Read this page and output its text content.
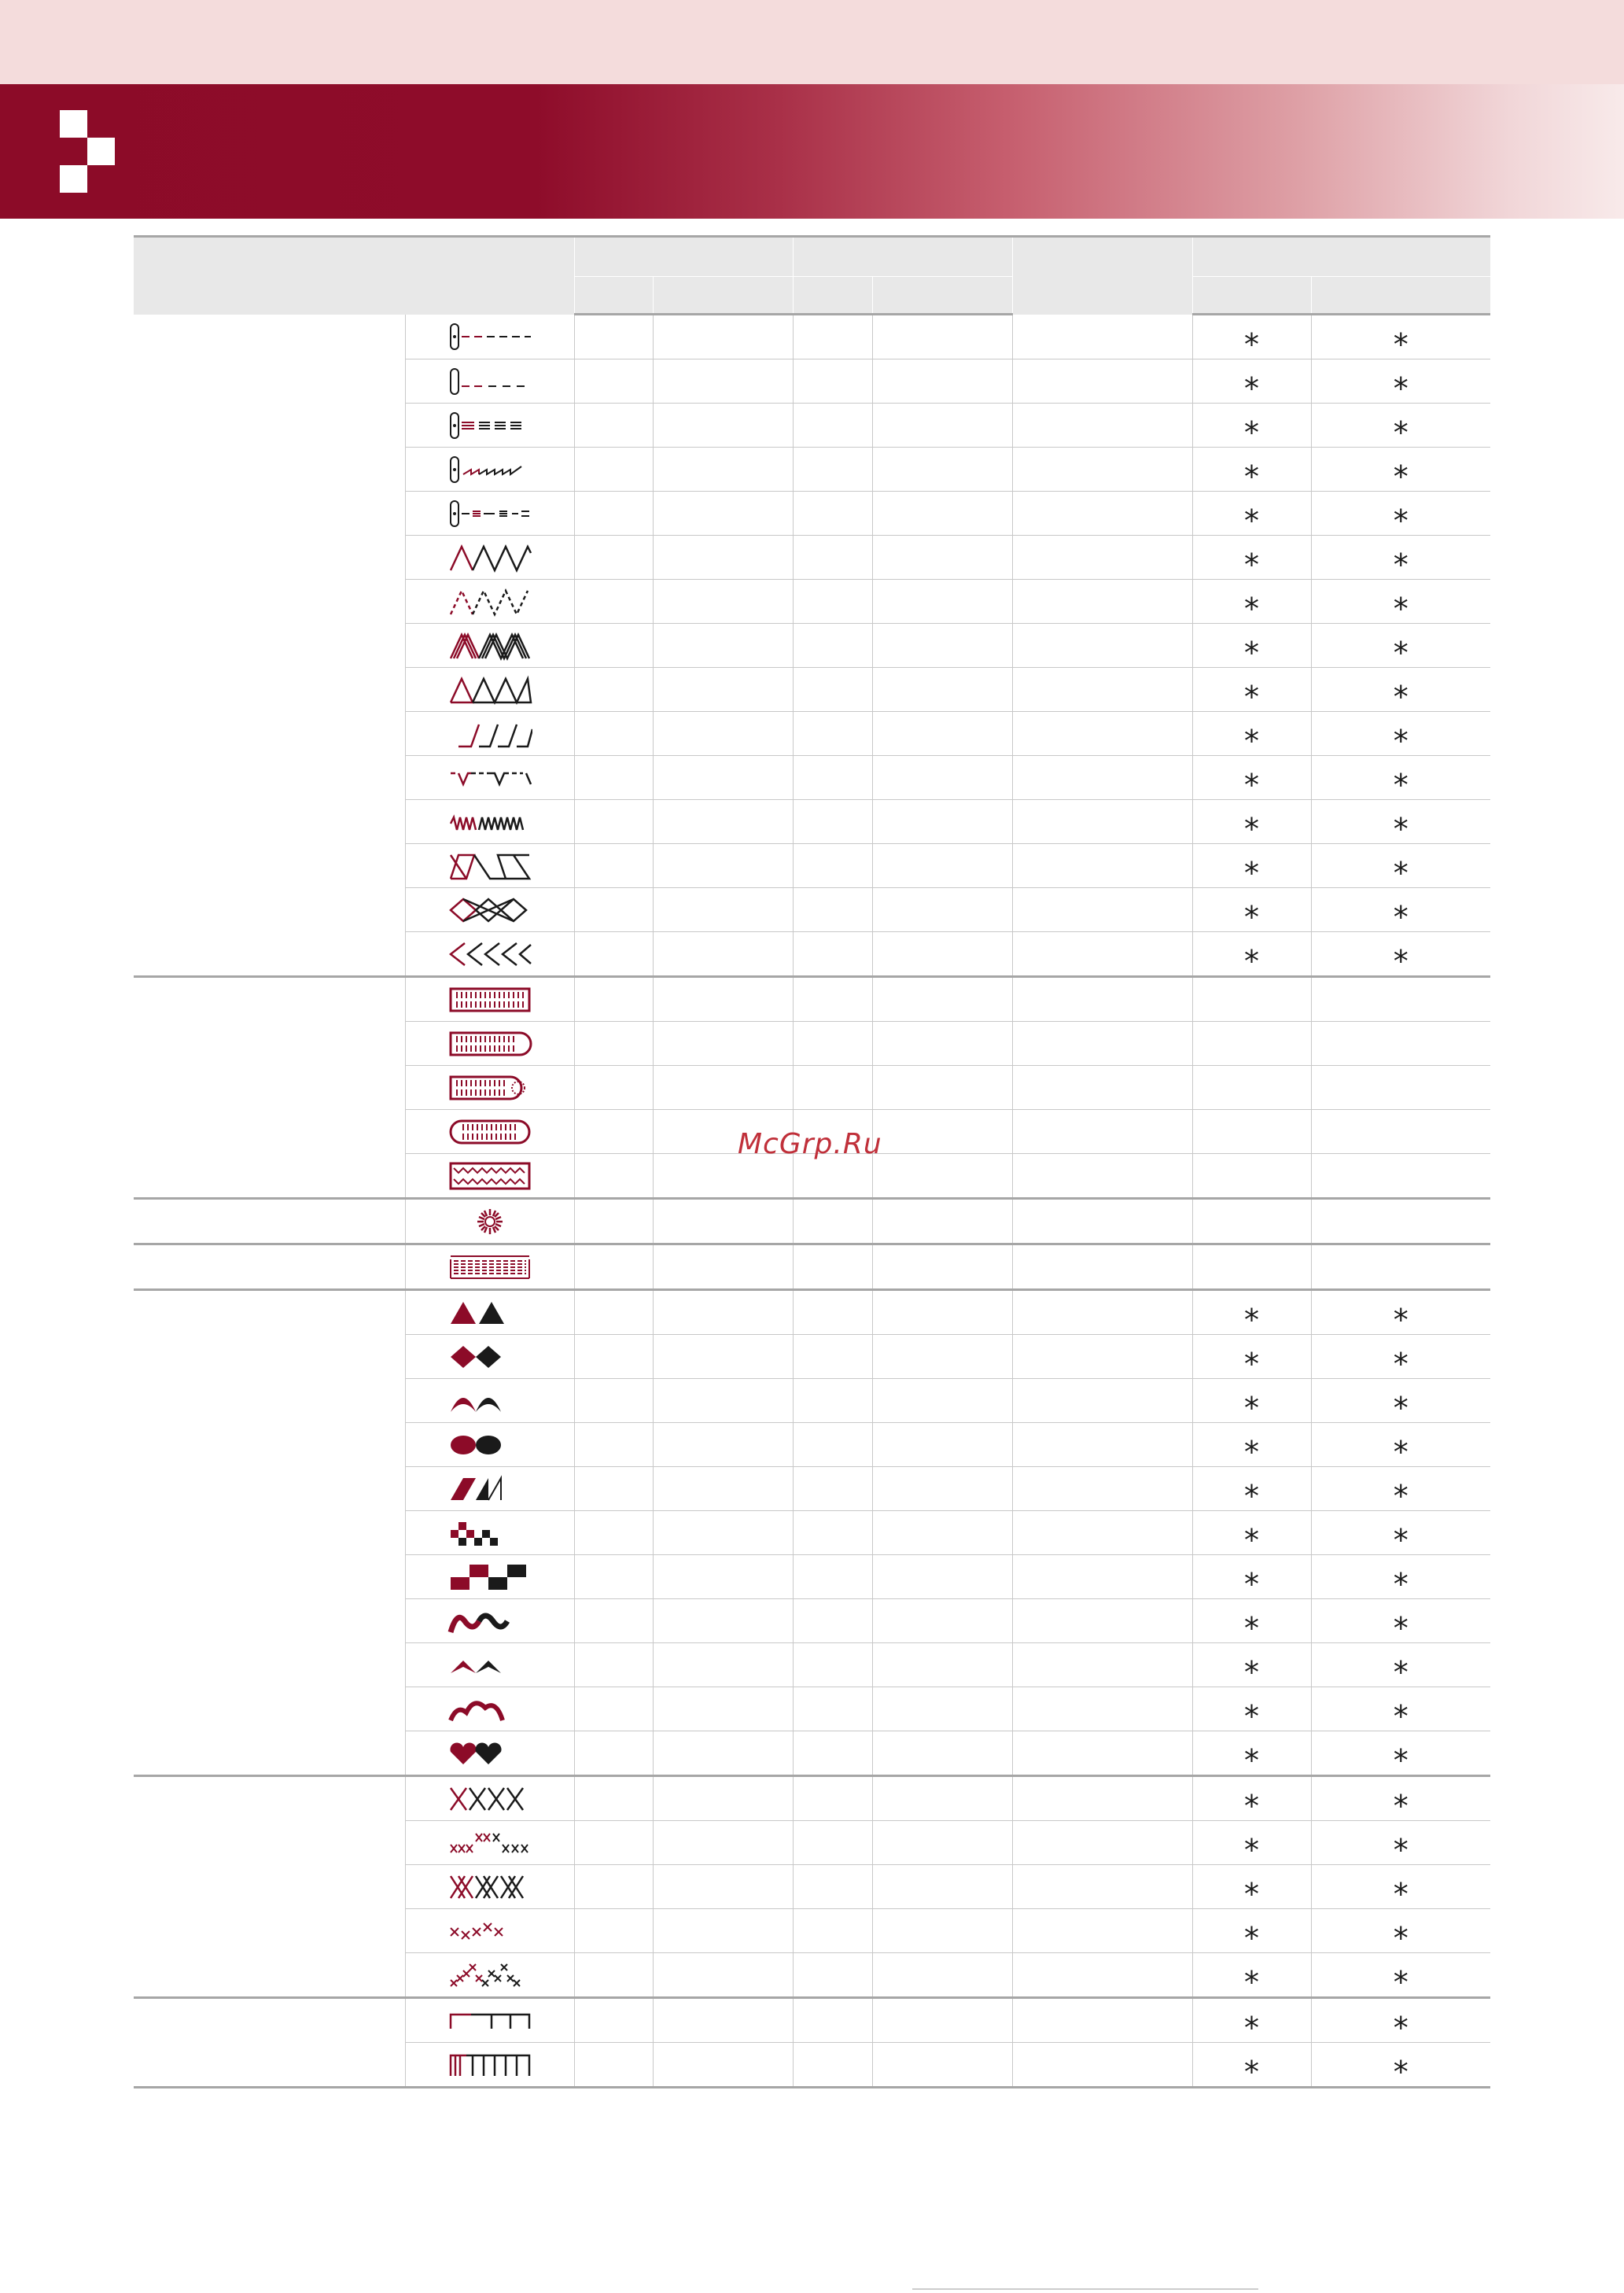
						*	*

						*	*

						*	*

						*	*

						*	*

						*	*

						*	*

						*	*

						*	*

						*	*

						*	*

						*	*

						*	*

						*	*

						*	*

						*	*

						*	*

						*	*

						*	*

						*	*

						*	*

						*	*

						*	*

						*	*

						*	*

						*	*

						*	*

						*	*

						*	*

						*	*

						*	*

						*	*

						*	*
McGrp.Ru
